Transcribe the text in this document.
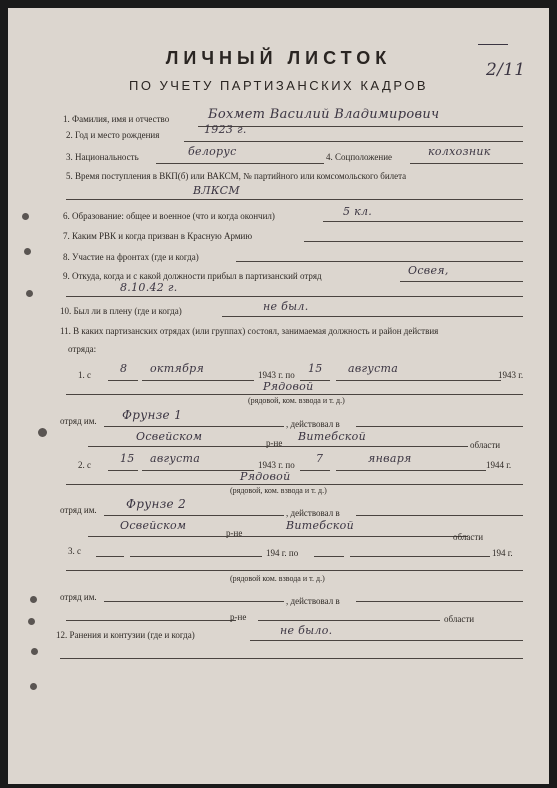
2/11
ЛИЧНЫЙ ЛИСТОК
ПО УЧЕТУ ПАРТИЗАНСКИХ КАДРОВ
1. Фамилия, имя и отчество	Бохмет Василий Владимирович
2. Год и место рождения	1923 г.
3. Национальность	белорус	4. Соцположение	колхозник
5. Время поступления в ВКП(б) или ВАКСМ, № партийного или комсомольского билета
ВЛКСМ
6. Образование: общее и военное (что и когда окончил)	5 кл.
7. Каким РВК и когда призван в Красную Армию
8. Участие на фронтах (где и когда)
9. Откуда, когда и с какой должности прибыл в партизанский отряд	Освея,
8.10.42 г.
10. Был ли в плену (где и когда)	не был.
11. В каких партизанских отрядах (или группах) состоял, занимаемая должность и район действия
отряда:
1. с	8 октября	1943 г. по 15 августа	1943 г.
Рядовой
(рядовой, ком. взвода и т. д.)
отряд им. Фрунзе 1
, действовал в
Освейском	р-не Витебской
области
2. с	15 августа	1943 г. по 7	января	1944 г.
Рядовой
(рядовой, ком. взвода и т. д.)
отряд им. Фрунзе 2
, действовал в
Освейском
р-не
Витебской
области
3. с	194 г. по	194 г.
(рядовой ком. взвода и т. д.)
отряд им.	, действовал в
р-не	области
12. Ранения и контузии (где и когда)	не было.
